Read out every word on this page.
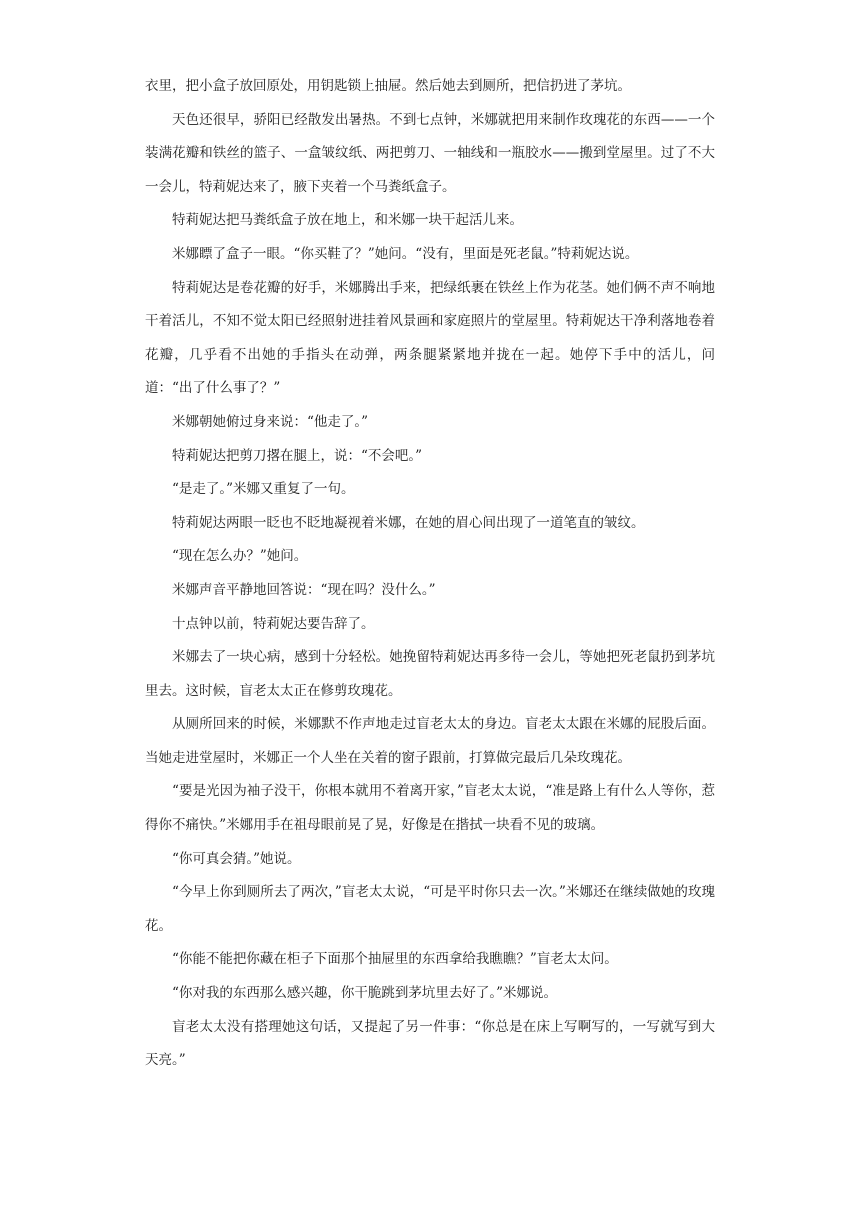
衣里，把小盒子放回原处，用钥匙锁上抽屉。然后她去到厕所，把信扔进了茅坑。

天色还很早，骄阳已经散发出暑热。不到七点钟，米娜就把用来制作玫瑰花的东西——一个装满花瓣和铁丝的篮子、一盒皱纹纸、两把剪刀、一轴线和一瓶胶水——搬到堂屋里。过了不大一会儿，特莉妮达来了，腋下夹着一个马粪纸盒子。

特莉妮达把马粪纸盒子放在地上，和米娜一块干起活儿来。

米娜瞟了盒子一眼。“你买鞋了？”她问。“没有，里面是死老鼠。”特莉妮达说。

特莉妮达是卷花瓣的好手，米娜腾出手来，把绿纸裹在铁丝上作为花茎。她们俩不声不响地干着活儿，不知不觉太阳已经照射进挂着风景画和家庭照片的堂屋里。特莉妮达干净利落地卷着花瓣，几乎看不出她的手指头在动弹，两条腿紧紧地并拢在一起。她停下手中的活儿，问道：“出了什么事了？”

米娜朝她俯过身来说：“他走了。”

特莉妮达把剪刀撂在腿上，说：“不会吧。”

“是走了。”米娜又重复了一句。

特莉妮达两眼一眨也不眨地凝视着米娜，在她的眉心间出现了一道笔直的皱纹。

“现在怎么办？”她问。

米娜声音平静地回答说：“现在吗？没什么。”

十点钟以前，特莉妮达要告辞了。

米娜去了一块心病，感到十分轻松。她挽留特莉妮达再多待一会儿，等她把死老鼠扔到茅坑里去。这时候，盲老太太正在修剪玫瑰花。

从厕所回来的时候，米娜默不作声地走过盲老太太的身边。盲老太太跟在米娜的屁股后面。当她走进堂屋时，米娜正一个人坐在关着的窗子跟前，打算做完最后几朵玫瑰花。

“要是光因为袖子没干，你根本就用不着离开家，”盲老太太说，“准是路上有什么人等你，惹得你不痛快。”米娜用手在祖母眼前晃了晃，好像是在揩拭一块看不见的玻璃。

“你可真会猜。”她说。

“今早上你到厕所去了两次，”盲老太太说，“可是平时你只去一次。”米娜还在继续做她的玫瑰花。

“你能不能把你藏在柜子下面那个抽屉里的东西拿给我瞧瞧？”盲老太太问。

“你对我的东西那么感兴趣，你干脆跳到茅坑里去好了。”米娜说。

盲老太太没有搭理她这句话，又提起了另一件事：“你总是在床上写啊写的，一写就写到大天亮。”
